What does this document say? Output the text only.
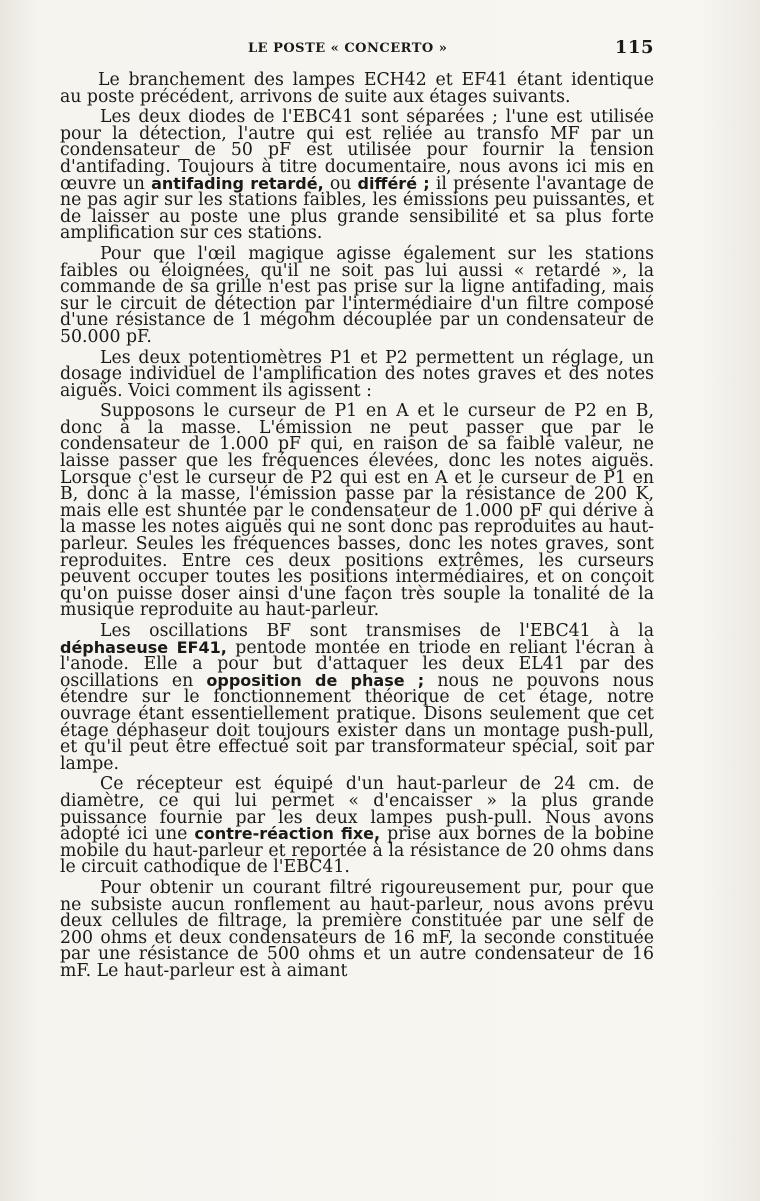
LE POSTE « CONCERTO »	115

Le branchement des lampes ECH42 et EF41 étant identique au poste précédent, arrivons de suite aux étages suivants.

Les deux diodes de l'EBC41 sont séparées ; l'une est utilisée pour la détection, l'autre qui est reliée au transfo MF par un condensateur de 50 pF est utilisée pour fournir la tension d'antifading. Toujours à titre documentaire, nous avons ici mis en œuvre un antifading retardé, ou différé ; il présente l'avantage de ne pas agir sur les stations faibles, les émissions peu puissantes, et de laisser au poste une plus grande sensibilité et sa plus forte amplification sur ces stations.

Pour que l'œil magique agisse également sur les stations faibles ou éloignées, qu'il ne soit pas lui aussi « retardé », la commande de sa grille n'est pas prise sur la ligne antifading, mais sur le circuit de détection par l'intermédiaire d'un filtre composé d'une résistance de 1 mégohm découplée par un condensateur de 50.000 pF.

Les deux potentiomètres P1 et P2 permettent un réglage, un dosage individuel de l'amplification des notes graves et des notes aiguës. Voici comment ils agissent :

Supposons le curseur de P1 en A et le curseur de P2 en B, donc à la masse. L'émission ne peut passer que par le condensateur de 1.000 pF qui, en raison de sa faible valeur, ne laisse passer que les fréquences élevées, donc les notes aiguës. Lorsque c'est le curseur de P2 qui est en A et le curseur de P1 en B, donc à la masse, l'émission passe par la résistance de 200 K, mais elle est shuntée par le condensateur de 1.000 pF qui dérive à la masse les notes aiguës qui ne sont donc pas reproduites au haut-parleur. Seules les fréquences basses, donc les notes graves, sont reproduites. Entre ces deux positions extrêmes, les curseurs peuvent occuper toutes les positions intermédiaires, et on conçoit qu'on puisse doser ainsi d'une façon très souple la tonalité de la musique reproduite au haut-parleur.

Les oscillations BF sont transmises de l'EBC41 à la déphaseuse EF41, pentode montée en triode en reliant l'écran à l'anode. Elle a pour but d'attaquer les deux EL41 par des oscillations en opposition de phase ; nous ne pouvons nous étendre sur le fonctionnement théorique de cet étage, notre ouvrage étant essentiellement pratique. Disons seulement que cet étage déphaseur doit toujours exister dans un montage push-pull, et qu'il peut être effectué soit par transformateur spécial, soit par lampe.

Ce récepteur est équipé d'un haut-parleur de 24 cm. de diamètre, ce qui lui permet « d'encaisser » la plus grande puissance fournie par les deux lampes push-pull. Nous avons adopté ici une contre-réaction fixe, prise aux bornes de la bobine mobile du haut-parleur et reportée à la résistance de 20 ohms dans le circuit cathodique de l'EBC41.

Pour obtenir un courant filtré rigoureusement pur, pour que ne subsiste aucun ronflement au haut-parleur, nous avons prévu deux cellules de filtrage, la première constituée par une self de 200 ohms et deux condensateurs de 16 mF, la seconde constituée par une résistance de 500 ohms et un autre condensateur de 16 mF. Le haut-parleur est à aimant
